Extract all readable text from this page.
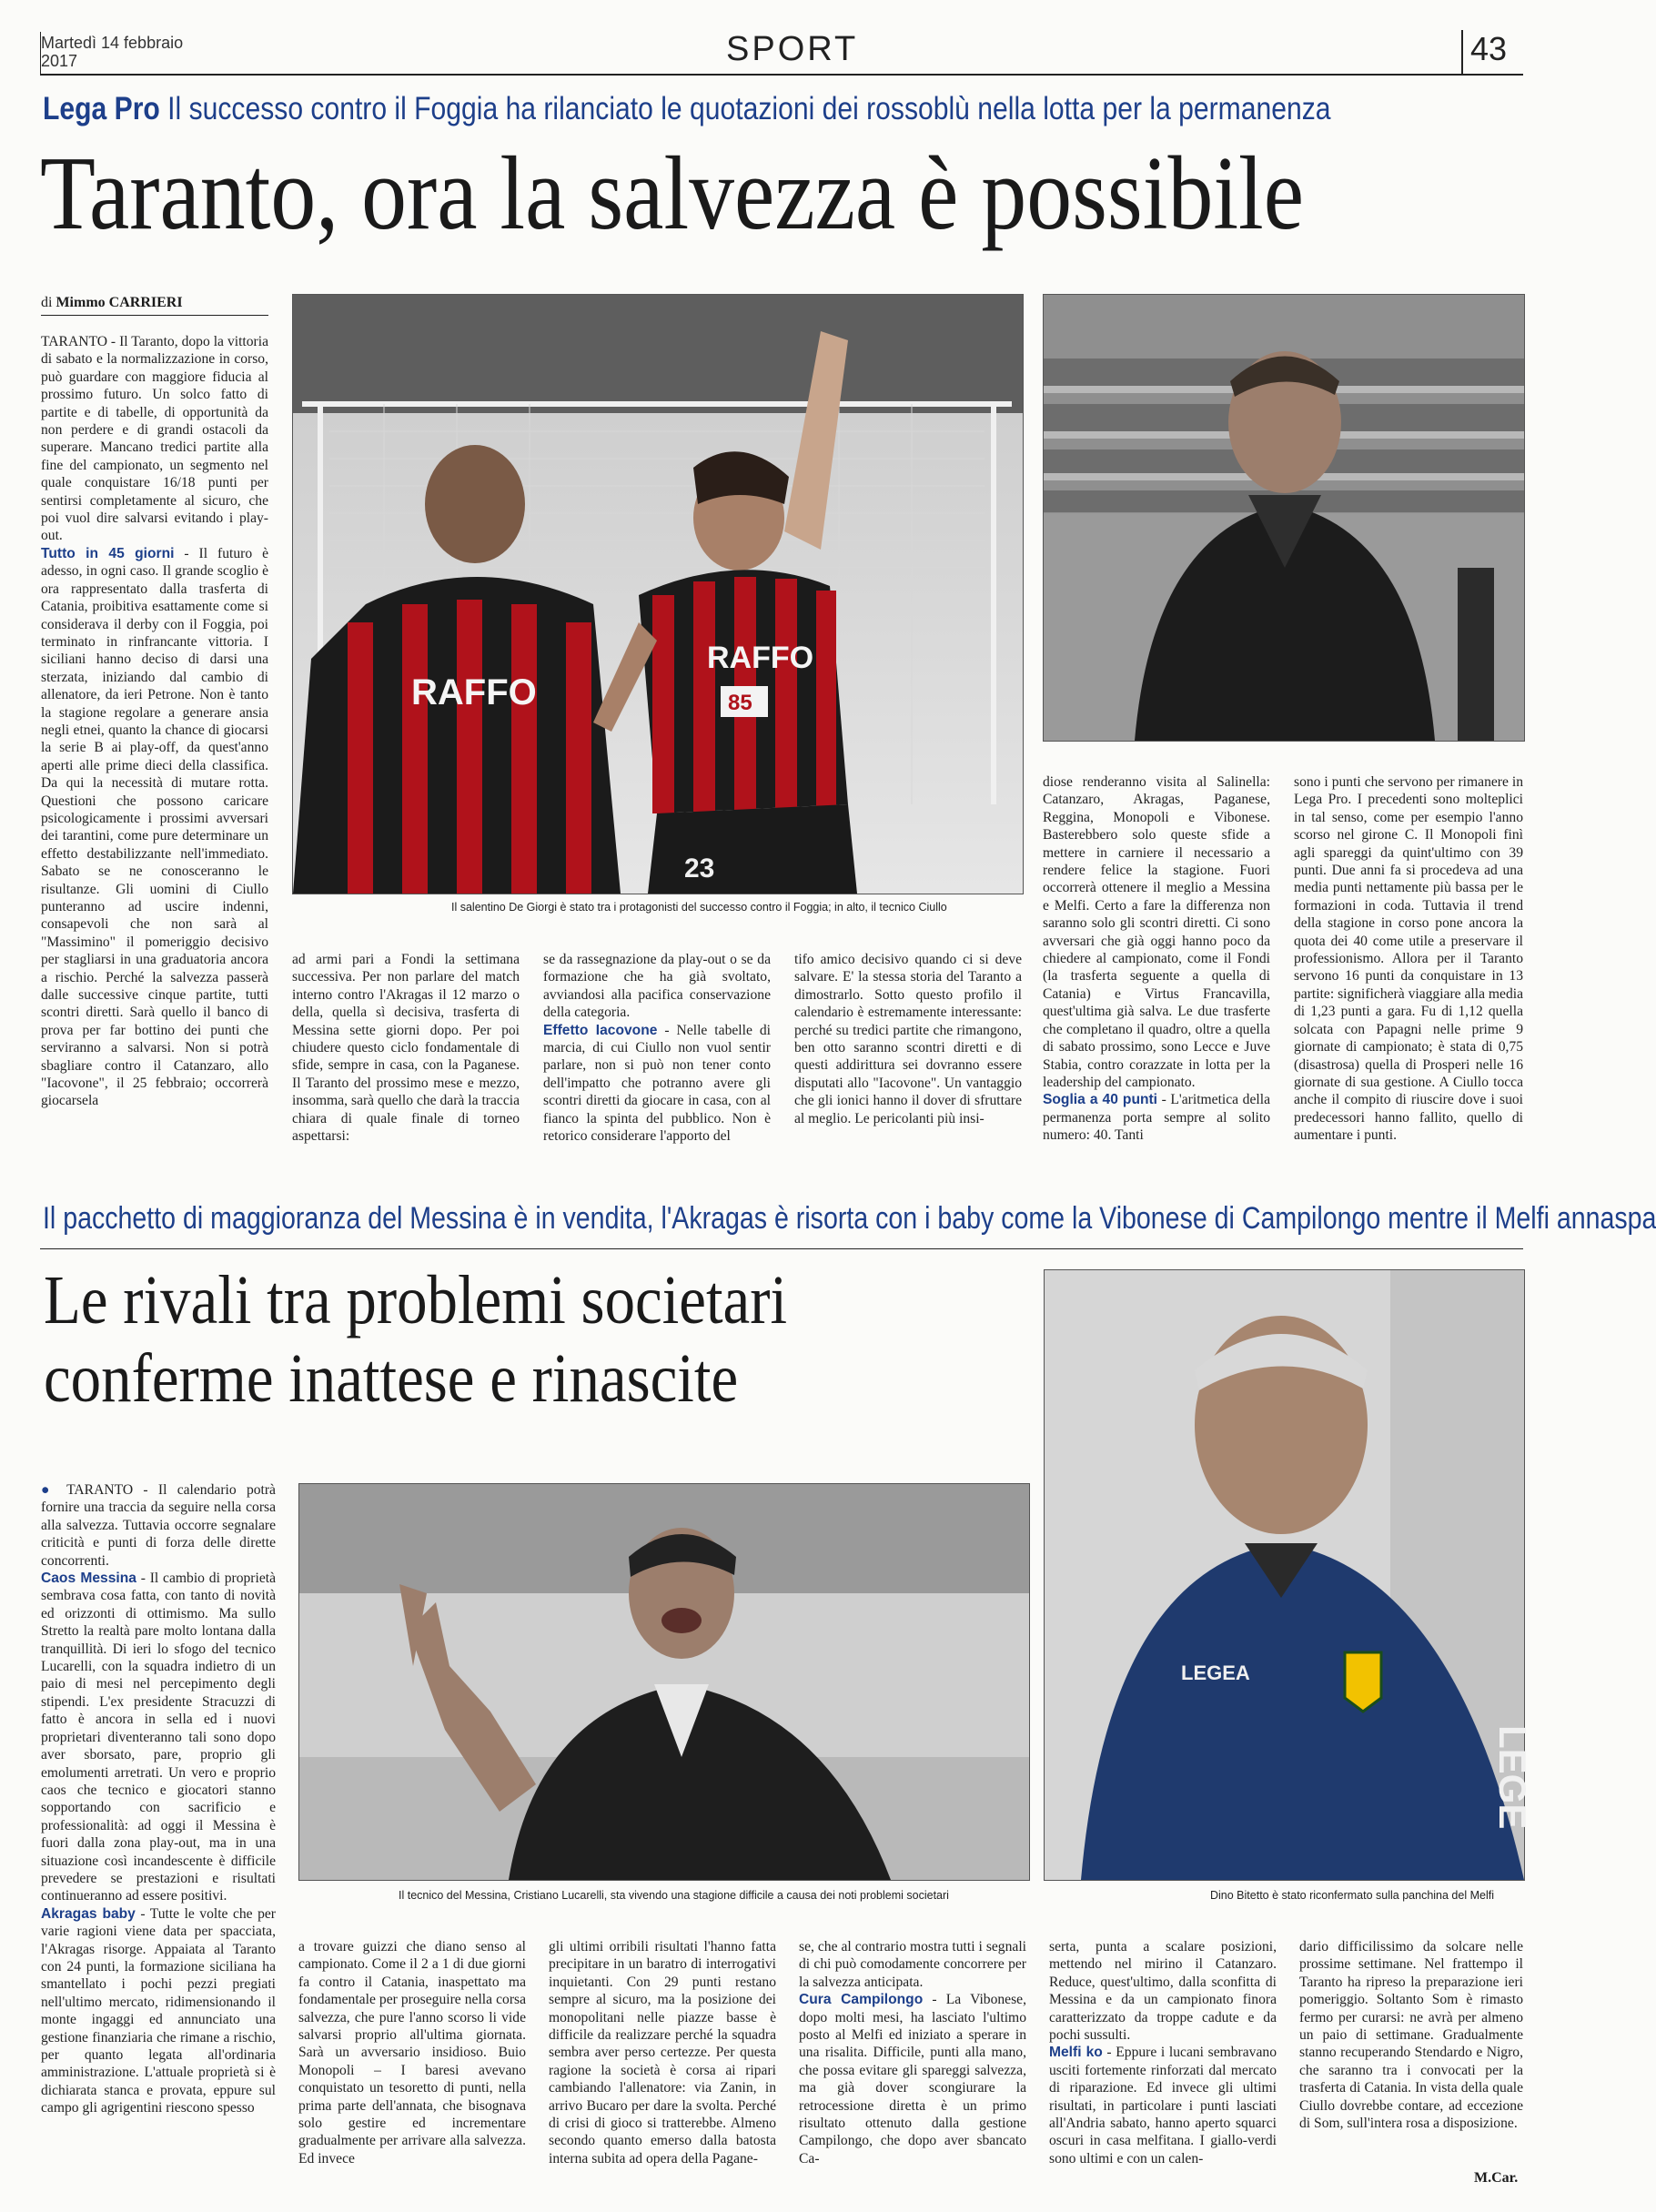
Martedì 14 febbraio
2017	SPORT	43
Lega Pro Il successo contro il Foggia ha rilanciato le quotazioni dei rossoblù nella lotta per la permanenza
Taranto, ora la salvezza è possibile
di Mimmo CARRIERI

TARANTO - Il Taranto, dopo la vittoria di sabato e la normalizzazione in corso, può guardare con maggiore fiducia al prossimo futuro. Un solco fatto di partite e di tabelle, di opportunità da non perdere e di grandi ostacoli da superare. Mancano tredici partite alla fine del campionato, un segmento nel quale conquistare 16/18 punti per sentirsi completamente al sicuro, che poi vuol dire salvarsi evitando i play-out.

Tutto in 45 giorni - Il futuro è adesso, in ogni caso. Il grande scoglio è ora rappresentato dalla trasferta di Catania, proibitiva esattamente come si considerava il derby con il Foggia, poi terminato in rinfrancante vittoria. I siciliani hanno deciso di darsi una sterzata, iniziando dal cambio di allenatore, da ieri Petrone. Non è tanto la stagione regolare a generare ansia negli etnei, quanto la chance di giocarsi la serie B ai play-off, da quest'anno aperti alle prime dieci della classifica. Da qui la necessità di mutare rotta. Questioni che possono caricare psicologicamente i prossimi avversari dei tarantini, come pure determinare un effetto destabilizzante nell'immediato. Sabato se ne conosceranno le risultanze. Gli uomini di Ciullo punteranno ad uscire indenni, consapevoli che non sarà al "Massimino" il pomeriggio decisivo per stagliarsi in una graduatoria ancora a rischio. Perché la salvezza passerà dalle successive cinque partite, tutti scontri diretti. Sarà quello il banco di prova per far bottino dei punti che serviranno a salvarsi. Non si potrà sbagliare contro il Catanzaro, allo "Iacovone", il 25 febbraio; occorrerà giocarsela

RAFFO
RAFFO
85
23
Il salentino De Giorgi è stato tra i protagonisti del successo contro il Foggia; in alto, il tecnico Ciullo

ad armi pari a Fondi la settimana successiva. Per non parlare del match interno contro l'Akragas il 12 marzo o della, quella sì decisiva, trasferta di Messina sette giorni dopo. Per poi chiudere questo ciclo fondamentale di sfide, sempre in casa, con la Paganese. Il Taranto del prossimo mese e mezzo, insomma, sarà quello che darà la traccia chiara di quale finale di torneo aspettarsi:

se da rassegnazione da play-out o se da formazione che ha già svoltato, avviandosi alla pacifica conservazione della categoria.

Effetto Iacovone - Nelle tabelle di marcia, di cui Ciullo non vuol sentir parlare, non si può non tener conto dell'impatto che potranno avere gli scontri diretti da giocare in casa, con al fianco la spinta del pubblico. Non è retorico considerare l'apporto del

tifo amico decisivo quando ci si deve salvare. E' la stessa storia del Taranto a dimostrarlo. Sotto questo profilo il calendario è estremamente interessante: perché su tredici partite che rimangono, ben otto saranno scontri diretti e di questi addirittura sei dovranno essere disputati allo "Iacovone". Un vantaggio che gli ionici hanno il dover di sfruttare al meglio. Le pericolanti più insi-

diose renderanno visita al Salinella: Catanzaro, Akragas, Paganese, Reggina, Monopoli e Vibonese. Basterebbero solo queste sfide a mettere in carniere il necessario a rendere felice la stagione. Fuori occorrerà ottenere il meglio a Messina e Melfi. Certo a fare la differenza non saranno solo gli scontri diretti. Ci sono avversari che già oggi hanno poco da chiedere al campionato, come il Fondi (la trasferta seguente a quella di Catania) e Virtus Francavilla, quest'ultima già salva. Le due trasferte che completano il quadro, oltre a quella di sabato prossimo, sono Lecce e Juve Stabia, contro corazzate in lotta per la leadership del campionato.

Soglia a 40 punti - L'aritmetica della permanenza porta sempre al solito numero: 40. Tanti

sono i punti che servono per rimanere in Lega Pro. I precedenti sono molteplici in tal senso, come per esempio l'anno scorso nel girone C. Il Monopoli finì agli spareggi da quint'ultimo con 39 punti. Due anni fa si procedeva ad una media punti nettamente più bassa per le formazioni in coda. Tuttavia il trend della stagione in corso pone ancora la quota dei 40 come utile a preservare il professionismo. Allora per il Taranto servono 16 punti da conquistare in 13 partite: significherà viaggiare alla media di 1,23 punti a gara. Fu di 1,12 quella solcata con Papagni nelle prime 9 giornate di campionato; è stata di 0,75 (disastrosa) quella di Prosperi nelle 16 giornate di sua gestione. A Ciullo tocca anche il compito di riuscire dove i suoi predecessori hanno fallito, quello di aumentare i punti.

Il pacchetto di maggioranza del Messina è in vendita, l'Akragas è risorta con i baby come la Vibonese di Campilongo mentre il Melfi annaspa
Le rivali tra problemi societari
conferme inattese e rinascite

● TARANTO - Il calendario potrà fornire una traccia da seguire nella corsa alla salvezza. Tuttavia occorre segnalare criticità e punti di forza delle dirette concorrenti.

Caos Messina - Il cambio di proprietà sembrava cosa fatta, con tanto di novità ed orizzonti di ottimismo. Ma sullo Stretto la realtà pare molto lontana dalla tranquillità. Di ieri lo sfogo del tecnico Lucarelli, con la squadra indietro di un paio di mesi nel percepimento degli stipendi. L'ex presidente Stracuzzi di fatto è ancora in sella ed i nuovi proprietari diventeranno tali sono dopo aver sborsato, pare, proprio gli emolumenti arretrati. Un vero e proprio caos che tecnico e giocatori stanno sopportando con sacrificio e professionalità: ad oggi il Messina è fuori dalla zona play-out, ma in una situazione così incandescente è difficile prevedere se prestazioni e risultati continueranno ad essere positivi.

Akragas baby - Tutte le volte che per varie ragioni viene data per spacciata, l'Akragas risorge. Appaiata al Taranto con 24 punti, la formazione siciliana ha smantellato i pochi pezzi pregiati nell'ultimo mercato, ridimensionando il monte ingaggi ed annunciato una gestione finanziaria che rimane a rischio, per quanto legata all'ordinaria amministrazione. L'attuale proprietà si è dichiarata stanca e provata, eppure sul campo gli agrigentini riescono spesso

LEGEA
LEGE
Il tecnico del Messina, Cristiano Lucarelli, sta vivendo una stagione difficile a causa dei noti problemi societari	Dino Bitetto è stato riconfermato sulla panchina del Melfi

a trovare guizzi che diano senso al campionato. Come il 2 a 1 di due giorni fa contro il Catania, inaspettato ma fondamentale per proseguire nella corsa salvezza, che pure l'anno scorso li vide salvarsi proprio all'ultima giornata. Sarà un avversario insidioso. Buio Monopoli – I baresi avevano conquistato un tesoretto di punti, nella prima parte dell'annata, che bisognava solo gestire ed incrementare gradualmente per arrivare alla salvezza. Ed invece

gli ultimi orribili risultati l'hanno fatta precipitare in un baratro di interrogativi inquietanti. Con 29 punti restano sempre al sicuro, ma la posizione dei monopolitani nelle piazze basse è difficile da realizzare perché la squadra sembra aver perso certezze. Per questa ragione la società è corsa ai ripari cambiando l'allenatore: via Zanin, in arrivo Bucaro per dare la svolta. Perché di crisi di gioco si tratterebbe. Almeno secondo quanto emerso dalla batosta interna subita ad opera della Pagane-

se, che al contrario mostra tutti i segnali di chi può comodamente concorrere per la salvezza anticipata.

Cura Campilongo - La Vibonese, dopo molti mesi, ha lasciato l'ultimo posto al Melfi ed iniziato a sperare in una risalita. Difficile, punti alla mano, che possa evitare gli spareggi salvezza, ma già dover scongiurare la retrocessione diretta è un primo risultato ottenuto dalla gestione Campilongo, che dopo aver sbancato Ca-

serta, punta a scalare posizioni, mettendo nel mirino il Catanzaro. Reduce, quest'ultimo, dalla sconfitta di Messina e da un campionato finora caratterizzato da troppe cadute e da pochi sussulti.

Melfi ko - Eppure i lucani sembravano usciti fortemente rinforzati dal mercato di riparazione. Ed invece gli ultimi risultati, in particolare i punti lasciati all'Andria sabato, hanno aperto squarci oscuri in casa melfitana. I giallo-verdi sono ultimi e con un calen-

dario difficilissimo da solcare nelle prossime settimane. Nel frattempo il Taranto ha ripreso la preparazione ieri pomeriggio. Soltanto Som è rimasto fermo per curarsi: ne avrà per almeno un paio di settimane. Gradualmente stanno recuperando Stendardo e Nigro, che saranno tra i convocati per la trasferta di Catania. In vista della quale Ciullo dovrebbe contare, ad eccezione di Som, sull'intera rosa a disposizione.

M.Car.
